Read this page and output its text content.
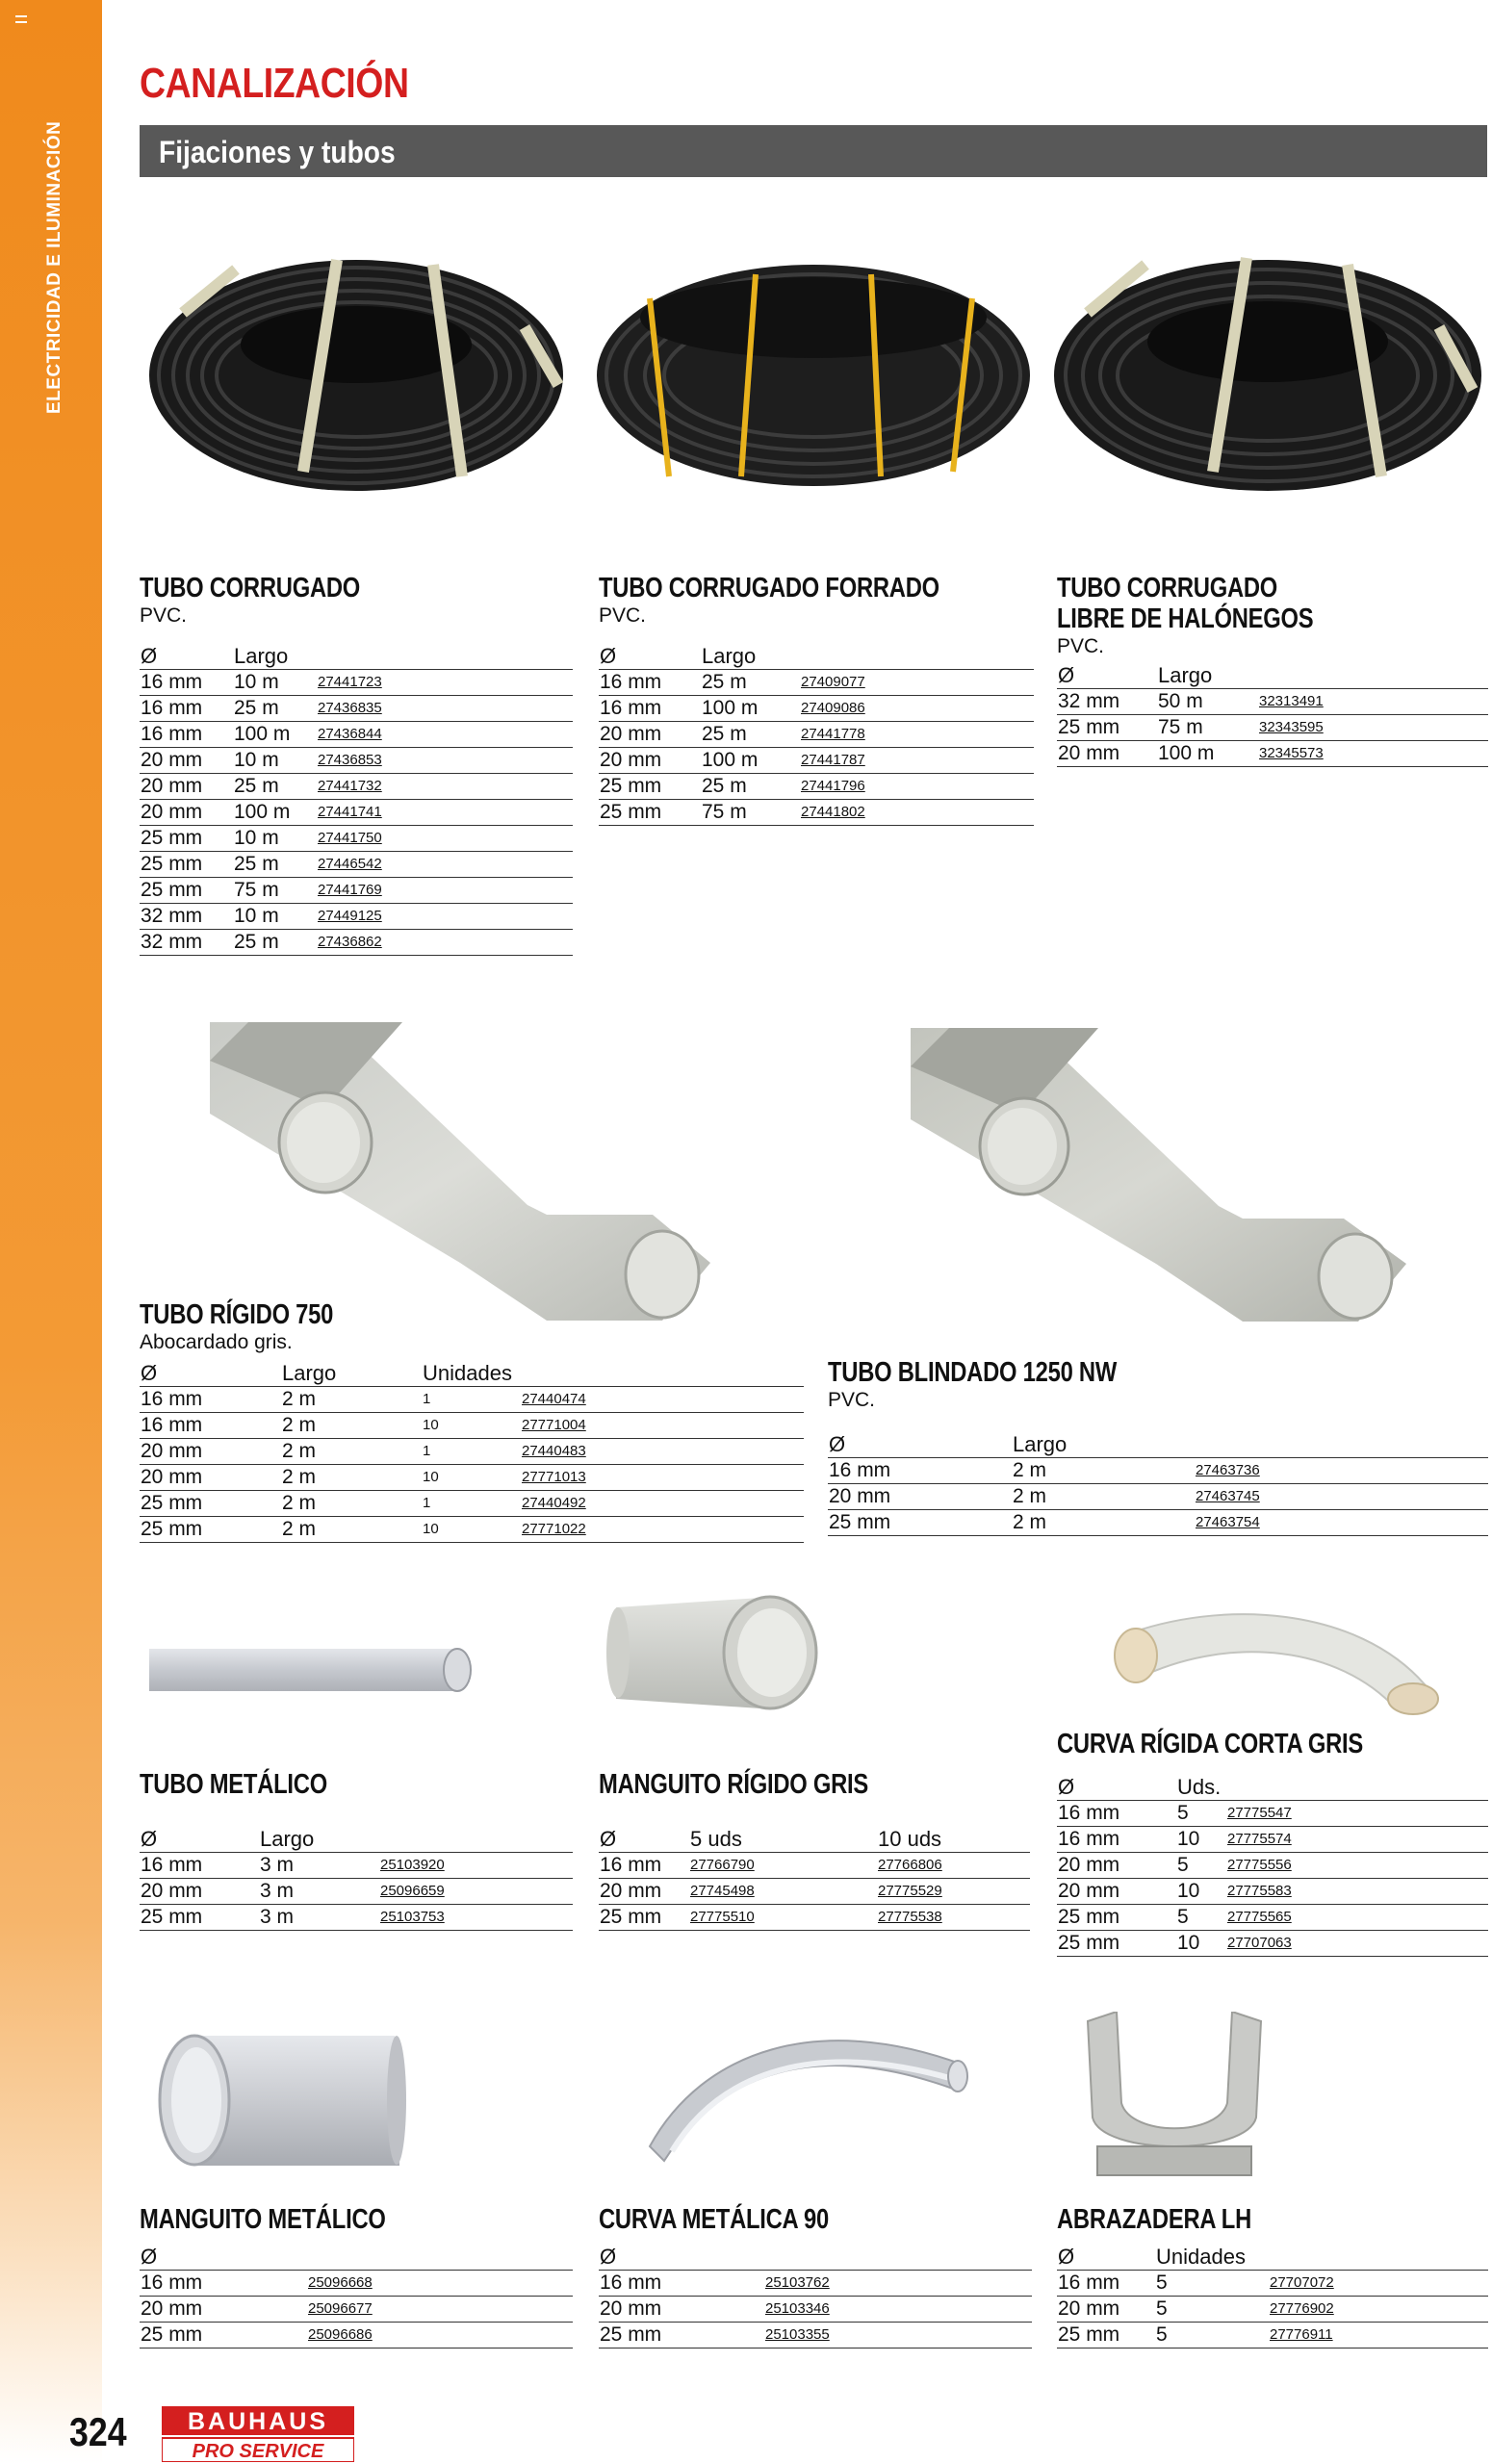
ELECTRICIDAD E ILUMINACIÓN
CANALIZACIÓN
Fijaciones y tubos
TUBO CORRUGADO
PVC.
Ø	Largo	
16 mm	10 m	27441723
16 mm	25 m	27436835
16 mm	100 m	27436844
20 mm	10 m	27436853
20 mm	25 m	27441732
20 mm	100 m	27441741
25 mm	10 m	27441750
25 mm	25 m	27446542
25 mm	75 m	27441769
32 mm	10 m	27449125
32 mm	25 m	27436862
TUBO CORRUGADO FORRADO
PVC.
Ø	Largo	
16 mm	25 m	27409077
16 mm	100 m	27409086
20 mm	25 m	27441778
20 mm	100 m	27441787
25 mm	25 m	27441796
25 mm	75 m	27441802
TUBO CORRUGADO
LIBRE DE HALÓNEGOS
PVC.
Ø	Largo	
32 mm	50 m	32313491
25 mm	75 m	32343595
20 mm	100 m	32345573
TUBO RÍGIDO 750
Abocardado gris.
Ø	Largo	Unidades	
16 mm	2 m	1	27440474
16 mm	2 m	10	27771004
20 mm	2 m	1	27440483
20 mm	2 m	10	27771013
25 mm	2 m	1	27440492
25 mm	2 m	10	27771022
TUBO BLINDADO 1250 NW
PVC.
Ø	Largo	
16 mm	2 m	27463736
20 mm	2 m	27463745
25 mm	2 m	27463754
TUBO METÁLICO
Ø	Largo	
16 mm	3 m	25103920
20 mm	3 m	25096659
25 mm	3 m	25103753
MANGUITO RÍGIDO GRIS
Ø	5 uds	10 uds
16 mm	27766790	27766806
20 mm	27745498	27775529
25 mm	27775510	27775538
CURVA RÍGIDA CORTA GRIS
Ø	Uds.	
16 mm	5	27775547
16 mm	10	27775574
20 mm	5	27775556
20 mm	10	27775583
25 mm	5	27775565
25 mm	10	27707063
MANGUITO METÁLICO
Ø	
16 mm	25096668
20 mm	25096677
25 mm	25096686
CURVA METÁLICA 90
Ø	
16 mm	25103762
20 mm	25103346
25 mm	25103355
ABRAZADERA LH
Ø	Unidades	
16 mm	5	27707072
20 mm	5	27776902
25 mm	5	27776911
324	BAUHAUS
PRO SERVICE
